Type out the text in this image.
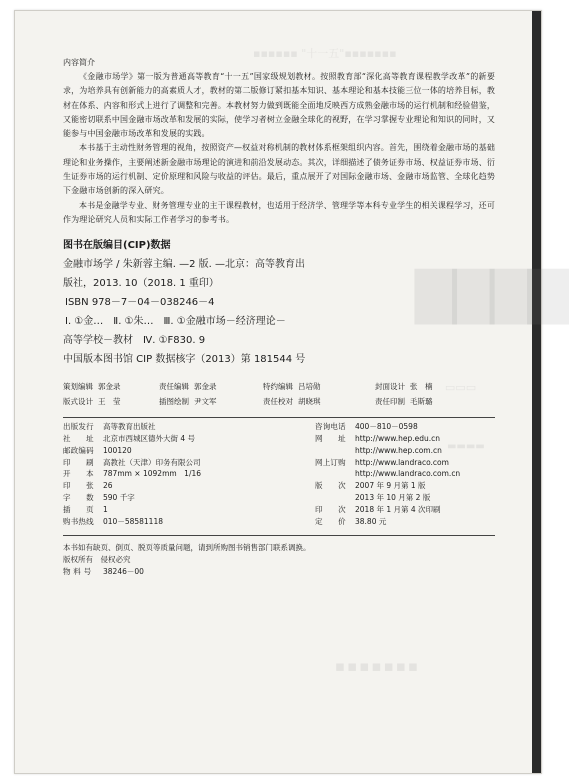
▪▪▪▪▪▪ "十一五"▪▪▪▪▪▪▪
▇▇▇▇
▭▭▭
▬▬▬▬
▪▪▪▪▪▪▪

内容简介

《金融市场学》第一版为普通高等教育“十一五”国家级规划教材。按照教育部“深化高等教育课程教学改革”的新要求，为培养具有创新能力的高素质人才，教材的第二版修订紧扣基本知识、基本理论和基本技能三位一体的培养目标，教材在体系、内容和形式上进行了调整和完善。本教材努力做到既能全面地反映西方成熟金融市场的运行机制和经验借鉴，又能密切联系中国金融市场改革和发展的实际，使学习者树立金融全球化的视野，在学习掌握专业理论和知识的同时，又能参与中国金融市场改革和发展的实践。

本书基于主动性财务管理的视角，按照资产—权益对称机制的教材体系框架组织内容。首先，围绕着金融市场的基础理论和业务操作，主要阐述新金融市场理论的演进和前沿发展动态。其次，详细描述了债务证券市场、权益证券市场、衍生证券市场的运行机制、定价原理和风险与收益的评估。最后，重点展开了对国际金融市场、金融市场监管、全球化趋势下金融市场创新的深入研究。

本书是金融学专业、财务管理专业的主干课程教材，也适用于经济学、管理学等本科专业学生的相关课程学习，还可作为理论研究人员和实际工作者学习的参考书。

图书在版编目(CIP)数据

金融市场学 / 朱新蓉主编. —2 版. —北京：高等教育出

版社，2013. 10（2018. 1 重印）

ISBN 978－7－04－038246－4

Ⅰ. ①金…　Ⅱ. ①朱…　Ⅲ. ①金融市场－经济理论－

高等学校－教材　Ⅳ. ①F830. 9

中国版本图书馆 CIP 数据核字（2013）第 181544 号

策划编辑 郭金录	责任编辑 郭金录	特约编辑 吕培勋	封面设计 张　楠
版式设计 王　莹	插图绘制 尹文军	责任校对 胡晓琪	责任印制 毛斯璐
出版发行	高等教育出版社
社　　址	北京市西城区德外大街 4 号
邮政编码	100120
印　　刷	高教社（天津）印务有限公司
开　　本	787mm × 1092mm　1/16
印　　张	26
字　　数	590 千字
插　　页	1
购书热线	010－58581118
咨询电话	400－810－0598
网　　址	http://www.hep.edu.cn
http://www.hep.com.cn
网上订购	http://www.landraco.com
http://www.landraco.com.cn
版　　次	2007 年 9 月第 1 版
2013 年 10 月第 2 版
印　　次	2018 年 1 月第 4 次印刷
定　　价	38.80 元
本书如有缺页、倒页、脱页等质量问题，请到所购图书销售部门联系调换。
版权所有　侵权必究
物 料 号	38246－00
